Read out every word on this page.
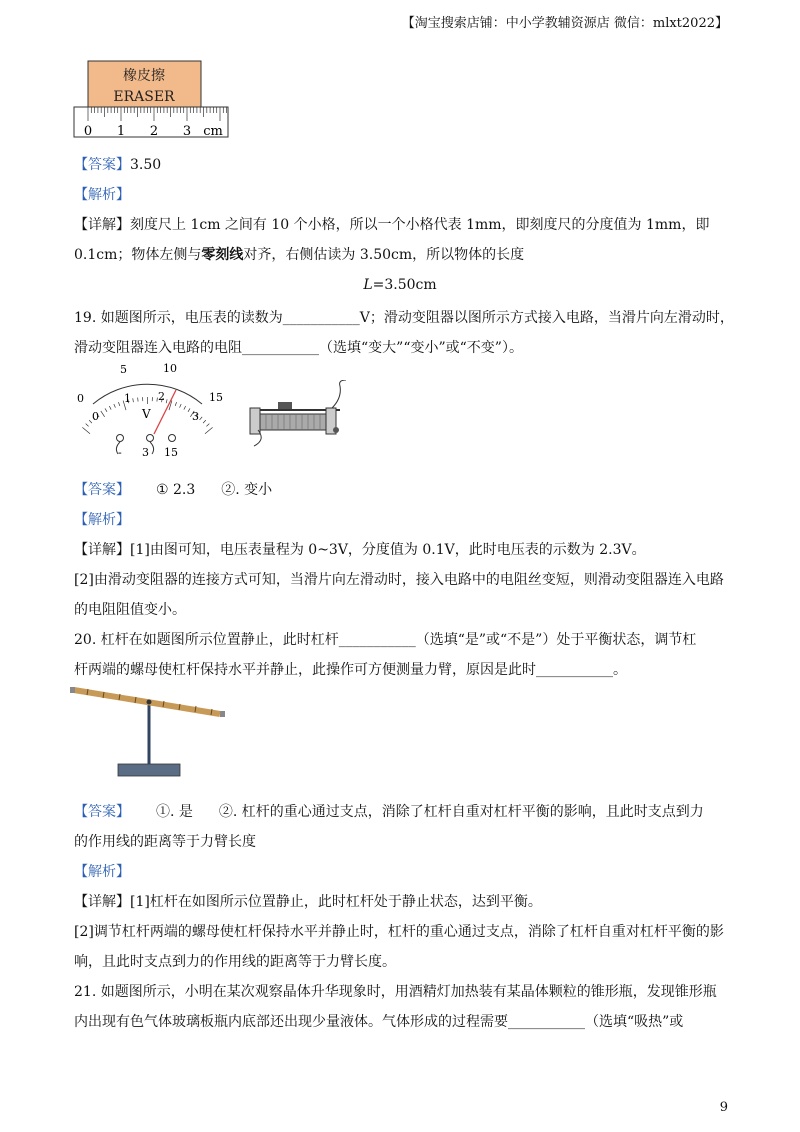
【淘宝搜索店铺：中小学教辅资源店 微信：mlxt2022】
橡皮擦
ERASER
0 1 2 3 cm
【答案】3.50
【解析】
【详解】刻度尺上 1cm 之间有 10 个小格，所以一个小格代表 1mm，即刻度尺的分度值为 1mm，即
0.1cm；物体左侧与零刻线对齐，右侧估读为 3.50cm，所以物体的长度
L=3.50cm
19. 如题图所示，电压表的读数为___________V；滑动变阻器以图所示方式接入电路，当滑片向左滑动时，
滑动变阻器连入电路的电阻___________（选填“变大”“变小”或“不变”）。
0
5	10
15
0
1 2
3
V
- 3 15
【答案】 ① 2.3 ②. 变小
【解析】
【详解】[1]由图可知，电压表量程为 0~3V，分度值为 0.1V，此时电压表的示数为 2.3V。
[2]由滑动变阻器的连接方式可知，当滑片向左滑动时，接入电路中的电阻丝变短，则滑动变阻器连入电路
的电阻阻值变小。
20. 杠杆在如题图所示位置静止，此时杠杆___________（选填“是”或“不是”）处于平衡状态，调节杠
杆两端的螺母使杠杆保持水平并静止，此操作可方便测量力臂，原因是此时___________。
【答案】 ①. 是 ②. 杠杆的重心通过支点，消除了杠杆自重对杠杆平衡的影响，且此时支点到力
的作用线的距离等于力臂长度
【解析】
【详解】[1]杠杆在如图所示位置静止，此时杠杆处于静止状态，达到平衡。
[2]调节杠杆两端的螺母使杠杆保持水平并静止时，杠杆的重心通过支点，消除了杠杆自重对杠杆平衡的影
响，且此时支点到力的作用线的距离等于力臂长度。
21. 如题图所示，小明在某次观察晶体升华现象时，用酒精灯加热装有某晶体颗粒的锥形瓶，发现锥形瓶
内出现有色气体玻璃板瓶内底部还出现少量液体。气体形成的过程需要___________（选填“吸热”或
9
